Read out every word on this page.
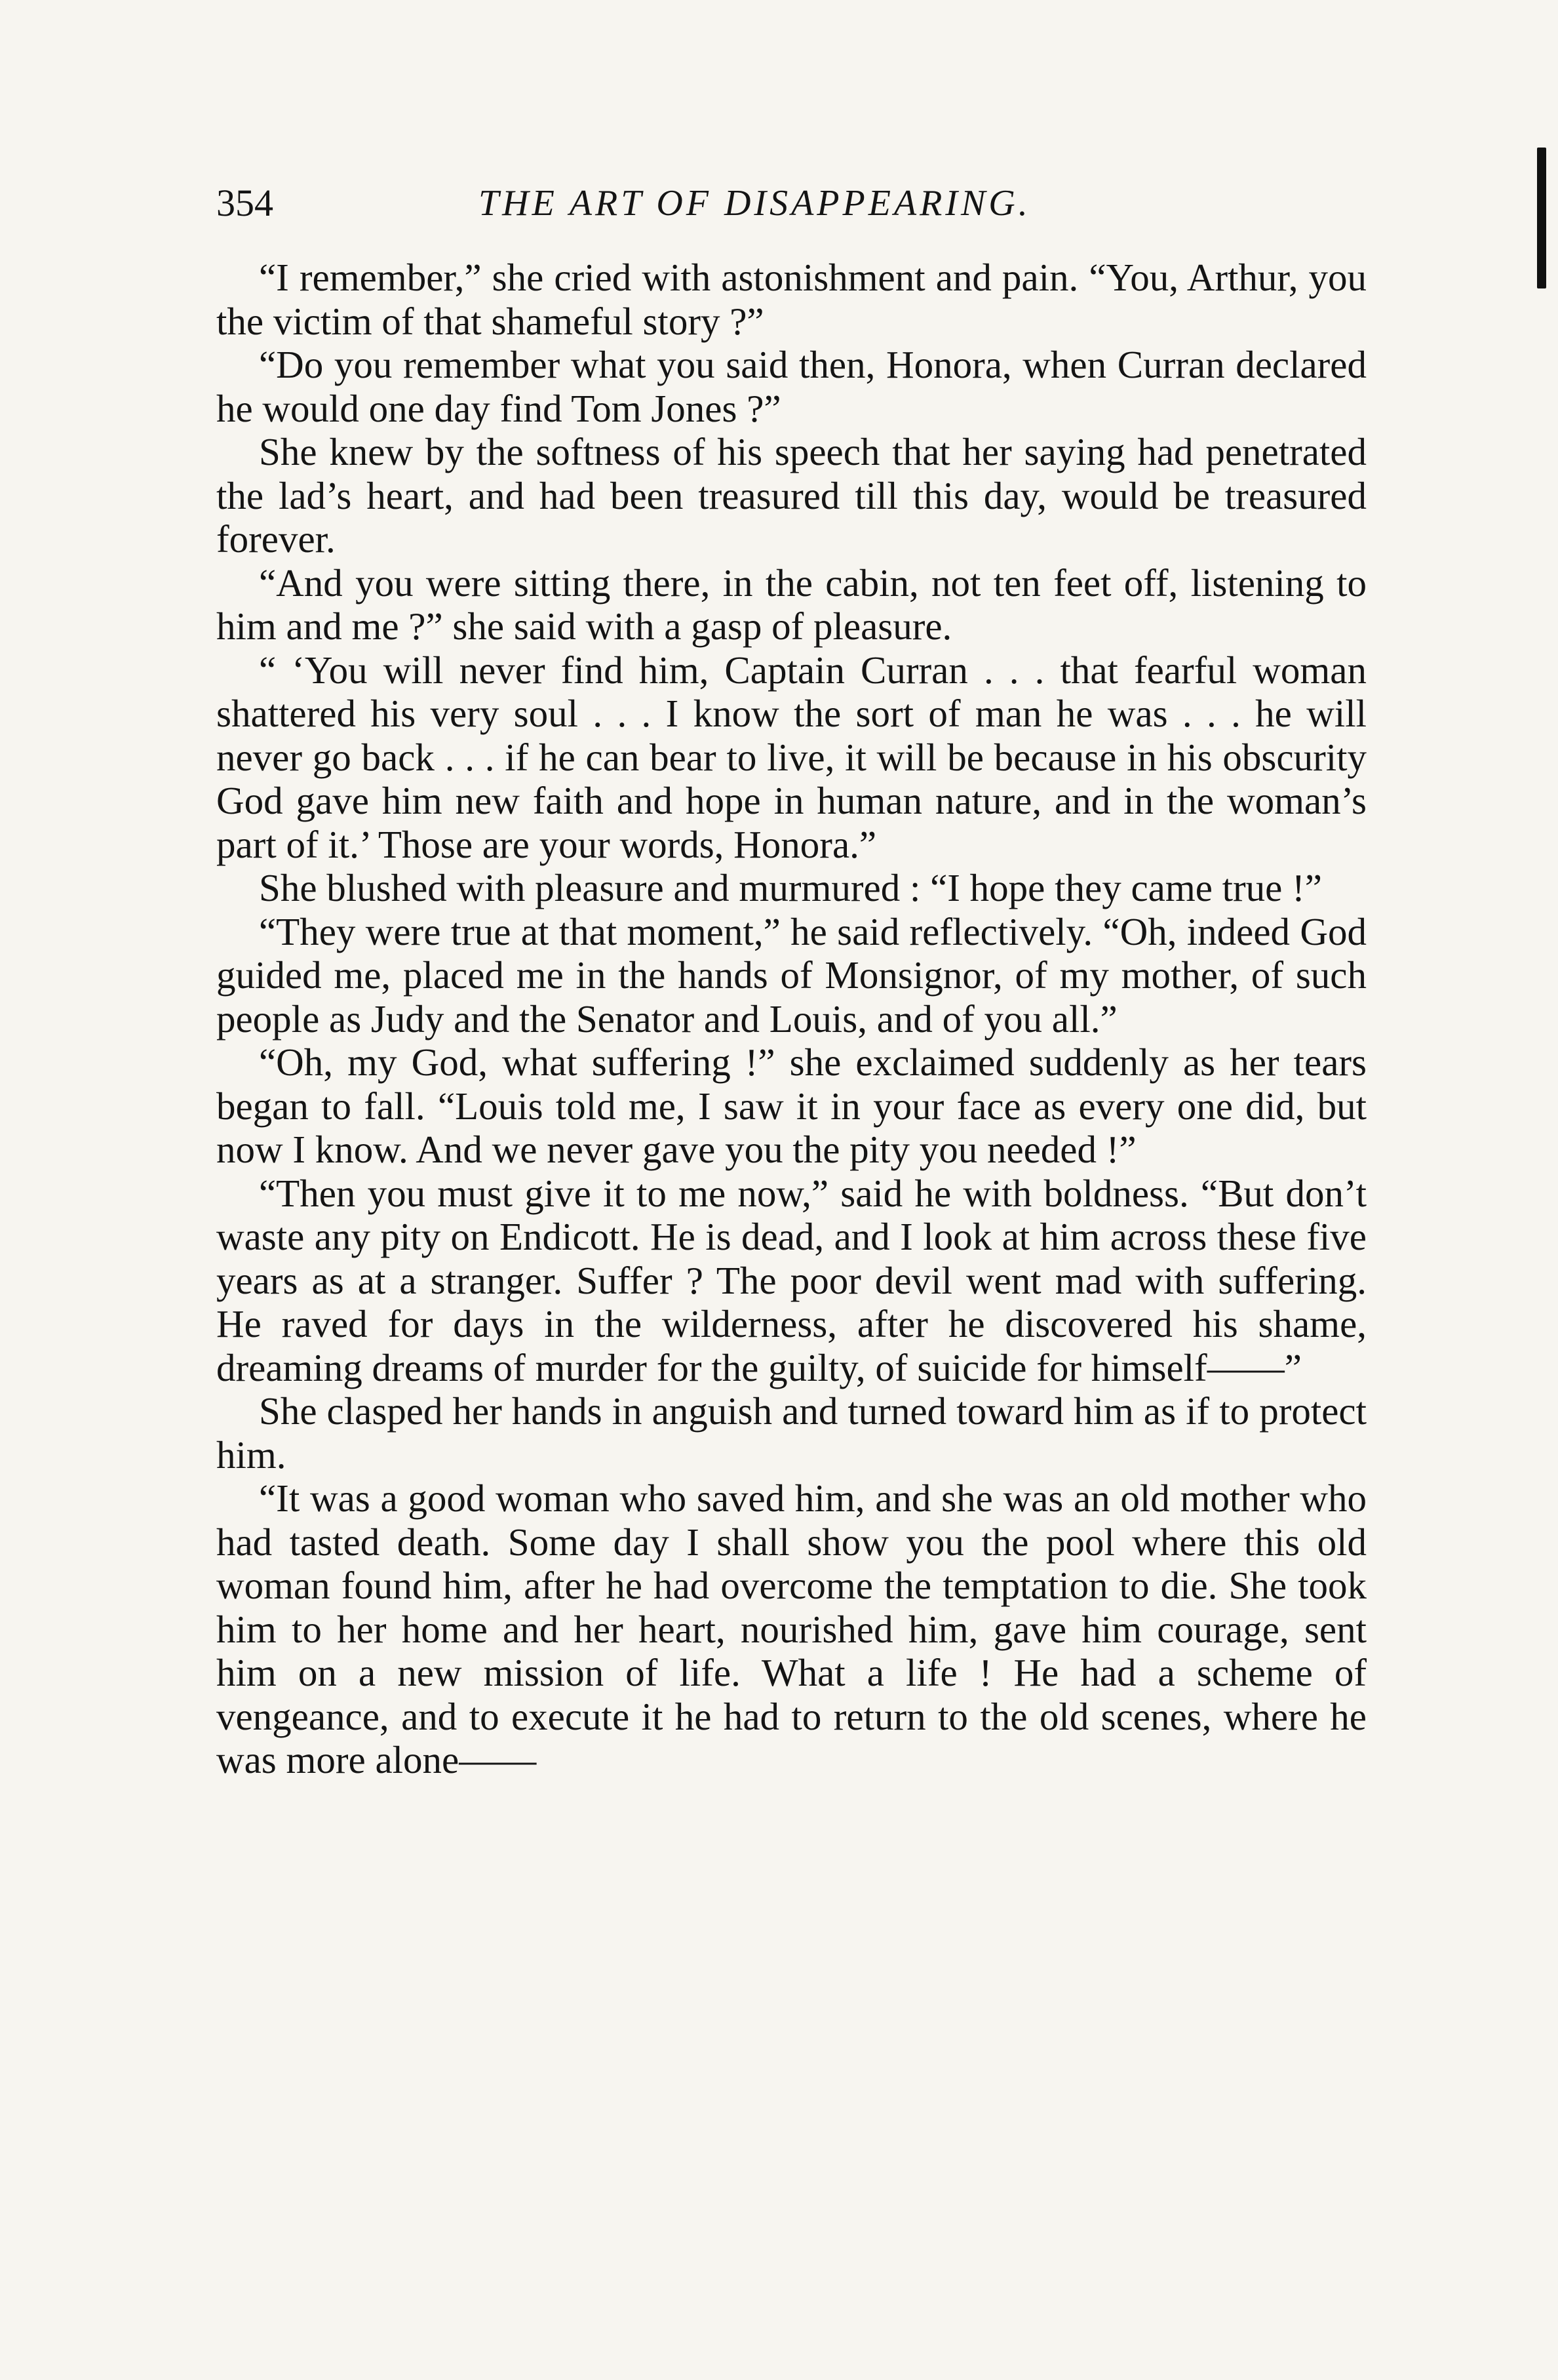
354	THE ART OF DISAPPEARING.

“I remember,” she cried with astonishment and pain. “You, Arthur, you the victim of that shameful story ?”

“Do you remember what you said then, Honora, when Curran declared he would one day find Tom Jones ?”

She knew by the softness of his speech that her saying had penetrated the lad’s heart, and had been treasured till this day, would be treasured forever.

“And you were sitting there, in the cabin, not ten feet off, listening to him and me ?” she said with a gasp of pleasure.

“ ‘You will never find him, Captain Curran . . . that fearful woman shattered his very soul . . . I know the sort of man he was . . . he will never go back . . . if he can bear to live, it will be because in his obscurity God gave him new faith and hope in human nature, and in the woman’s part of it.’ Those are your words, Honora.”

She blushed with pleasure and murmured : “I hope they came true !”

“They were true at that moment,” he said reflectively. “Oh, indeed God guided me, placed me in the hands of Monsignor, of my mother, of such people as Judy and the Senator and Louis, and of you all.”

“Oh, my God, what suffering !” she exclaimed suddenly as her tears began to fall. “Louis told me, I saw it in your face as every one did, but now I know. And we never gave you the pity you needed !”

“Then you must give it to me now,” said he with boldness. “But don’t waste any pity on Endicott. He is dead, and I look at him across these five years as at a stranger. Suffer ? The poor devil went mad with suffering. He raved for days in the wilderness, after he discovered his shame, dreaming dreams of murder for the guilty, of suicide for himself——”

She clasped her hands in anguish and turned toward him as if to protect him.

“It was a good woman who saved him, and she was an old mother who had tasted death. Some day I shall show you the pool where this old woman found him, after he had overcome the temptation to die. She took him to her home and her heart, nourished him, gave him courage, sent him on a new mission of life. What a life ! He had a scheme of vengeance, and to execute it he had to return to the old scenes, where he was more alone——
